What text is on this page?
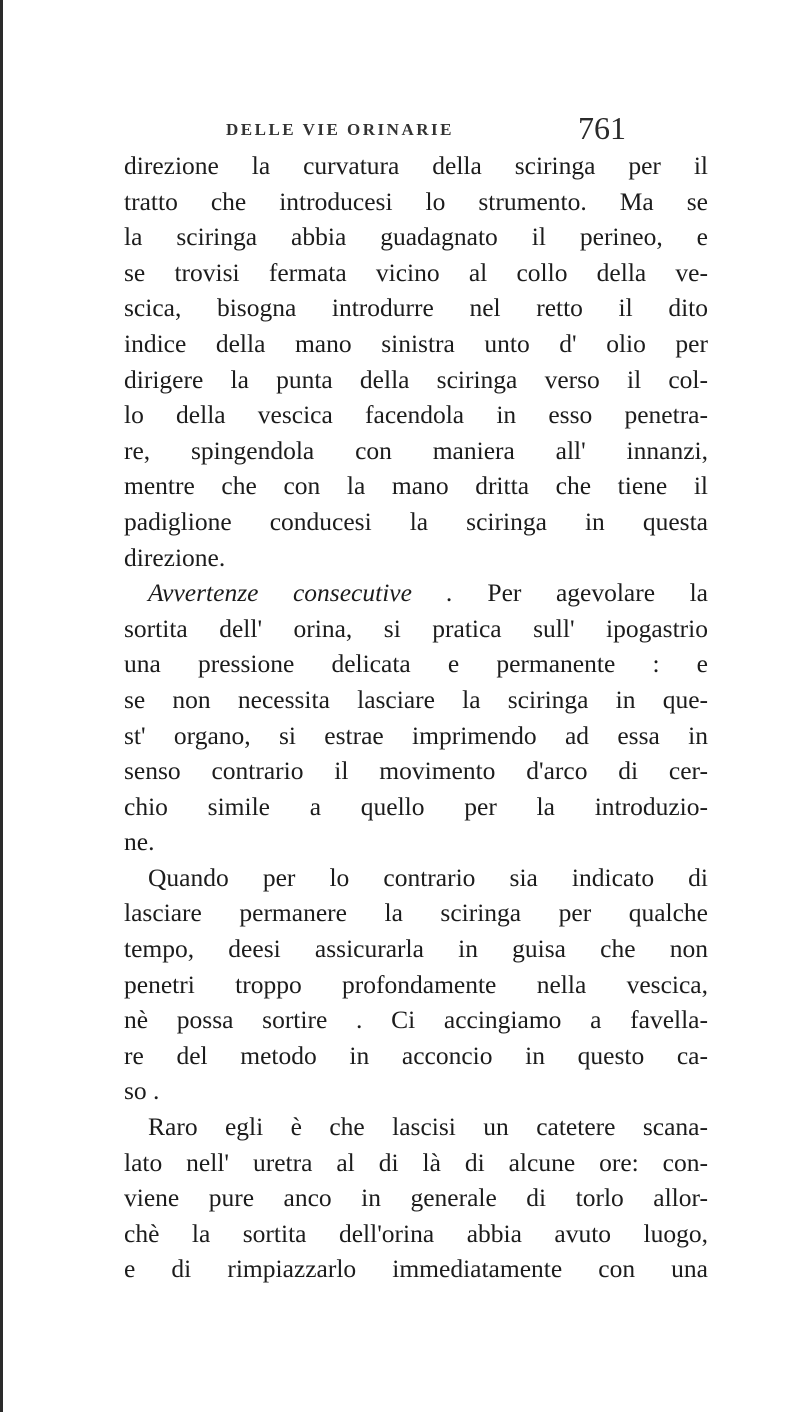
DELLE VIE ORINARIE	761
direzione la curvatura della sciringa per il
tratto che introducesi lo strumento. Ma se
la sciringa abbia guadagnato il perineo, e
se trovisi fermata vicino al collo della ve-
scica, bisogna introdurre nel retto il dito
indice della mano sinistra unto d' olio per
dirigere la punta della sciringa verso il col-
lo della vescica facendola in esso penetra-
re, spingendola con maniera all' innanzi,
mentre che con la mano dritta che tiene il
padiglione conducesi la sciringa in questa
direzione.
Avvertenze consecutive . Per agevolare la
sortita dell' orina, si pratica sull' ipogastrio
una pressione delicata e permanente : e
se non necessita lasciare la sciringa in que-
st' organo, si estrae imprimendo ad essa in
senso contrario il movimento d'arco di cer-
chio simile a quello per la introduzio-
ne.
Quando per lo contrario sia indicato di
lasciare permanere la sciringa per qualche
tempo, deesi assicurarla in guisa che non
penetri troppo profondamente nella vescica,
nè possa sortire . Ci accingiamo a favella-
re del metodo in acconcio in questo ca-
so .
Raro egli è che lascisi un catetere scana-
lato nell' uretra al di là di alcune ore: con-
viene pure anco in generale di torlo allor-
chè la sortita dell'orina abbia avuto luogo,
e di rimpiazzarlo immediatamente con una
